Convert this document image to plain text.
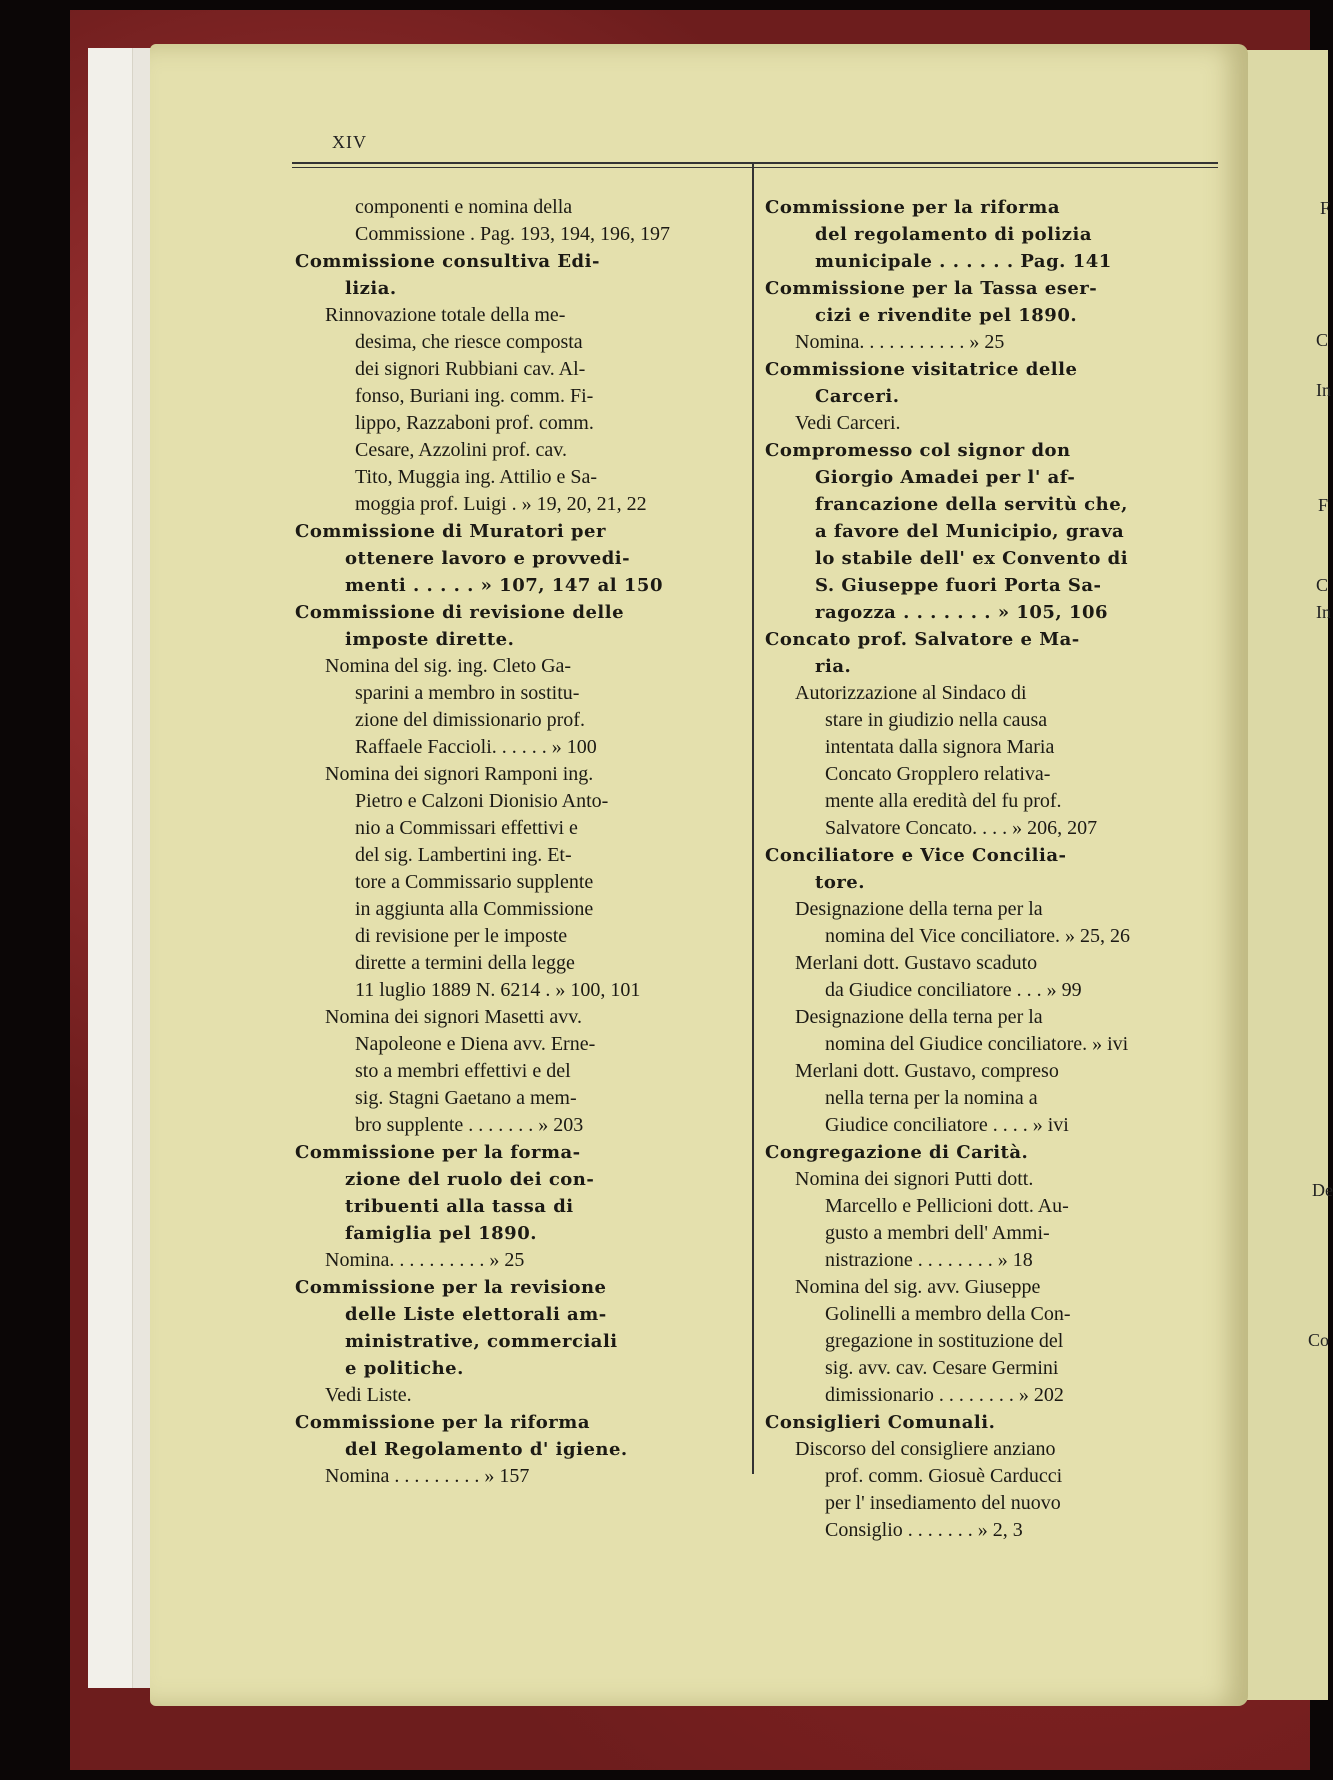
F
C
In
F
C
In
De
Co
XIV
componenti e nomina della
Commissione . Pag. 193, 194, 196, 197
Commissione consultiva Edi-
lizia.
Rinnovazione totale della me-
desima, che riesce composta
dei signori Rubbiani cav. Al-
fonso, Buriani ing. comm. Fi-
lippo, Razzaboni prof. comm.
Cesare, Azzolini prof. cav.
Tito, Muggia ing. Attilio e Sa-
moggia prof. Luigi . » 19, 20, 21, 22
Commissione di Muratori per
ottenere lavoro e provvedi-
menti . . . . . » 107, 147 al 150
Commissione di revisione delle
imposte dirette.
Nomina del sig. ing. Cleto Ga-
sparini a membro in sostitu-
zione del dimissionario prof.
Raffaele Faccioli. . . . . . » 100
Nomina dei signori Ramponi ing.
Pietro e Calzoni Dionisio Anto-
nio a Commissari effettivi e
del sig. Lambertini ing. Et-
tore a Commissario supplente
in aggiunta alla Commissione
di revisione per le imposte
dirette a termini della legge
11 luglio 1889 N. 6214 . » 100, 101
Nomina dei signori Masetti avv.
Napoleone e Diena avv. Erne-
sto a membri effettivi e del
sig. Stagni Gaetano a mem-
bro supplente . . . . . . . » 203
Commissione per la forma-
zione del ruolo dei con-
tribuenti alla tassa di
famiglia pel 1890.
Nomina. . . . . . . . . . » 25
Commissione per la revisione
delle Liste elettorali am-
ministrative, commerciali
e politiche.
Vedi Liste.
Commissione per la riforma
del Regolamento d' igiene.
Nomina . . . . . . . . . » 157
Commissione per la riforma
del regolamento di polizia
municipale . . . . . . Pag. 141
Commissione per la Tassa eser-
cizi e rivendite pel 1890.
Nomina. . . . . . . . . . . » 25
Commissione visitatrice delle
Carceri.
Vedi Carceri.
Compromesso col signor don
Giorgio Amadei per l' af-
francazione della servitù che,
a favore del Municipio, grava
lo stabile dell' ex Convento di
S. Giuseppe fuori Porta Sa-
ragozza . . . . . . . » 105, 106
Concato prof. Salvatore e Ma-
ria.
Autorizzazione al Sindaco di
stare in giudizio nella causa
intentata dalla signora Maria
Concato Gropplero relativa-
mente alla eredità del fu prof.
Salvatore Concato. . . . » 206, 207
Conciliatore e Vice Concilia-
tore.
Designazione della terna per la
nomina del Vice conciliatore. » 25, 26
Merlani dott. Gustavo scaduto
da Giudice conciliatore . . . » 99
Designazione della terna per la
nomina del Giudice conciliatore. » ivi
Merlani dott. Gustavo, compreso
nella terna per la nomina a
Giudice conciliatore . . . . » ivi
Congregazione di Carità.
Nomina dei signori Putti dott.
Marcello e Pellicioni dott. Au-
gusto a membri dell' Ammi-
nistrazione . . . . . . . . » 18
Nomina del sig. avv. Giuseppe
Golinelli a membro della Con-
gregazione in sostituzione del
sig. avv. cav. Cesare Germini
dimissionario . . . . . . . . » 202
Consiglieri Comunali.
Discorso del consigliere anziano
prof. comm. Giosuè Carducci
per l' insediamento del nuovo
Consiglio . . . . . . . » 2, 3
